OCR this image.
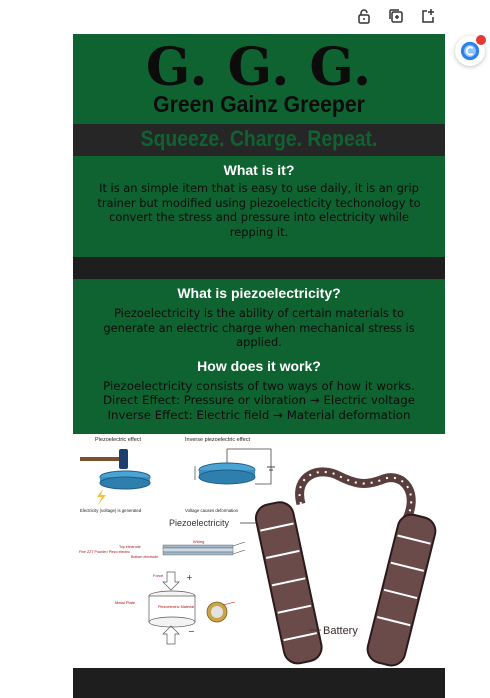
G. G. G.
Green Gainz Greeper
Squeeze. Charge. Repeat.
What is it?

It is an simple item that is easy to use daily, it is an grip trainer but modified using piezoelecticity techonology to convert the stress and pressure into electricity while repping it.

What is piezoelectricity?

Piezoelectricity is the ability of certain materials to generate an electric charge when mechanical stress is applied.

How does it work?

Piezoelectricity consists of two ways of how it works.

Direct Effect: Pressure or vibration → Electric voltage

Inverse Effect: Electric field → Material deformation

Piezoelectric effect
Electricity (voltage) is generated
Inverse piezoelectric effect
Voltage causes deformation
Piezoelectricity
Wiring
Top electrode
Fine ZZT Powder/ Piezo electric
Bottom electrode
Force
Piezoelectric Material
Metal Plate
+
−	Battery
